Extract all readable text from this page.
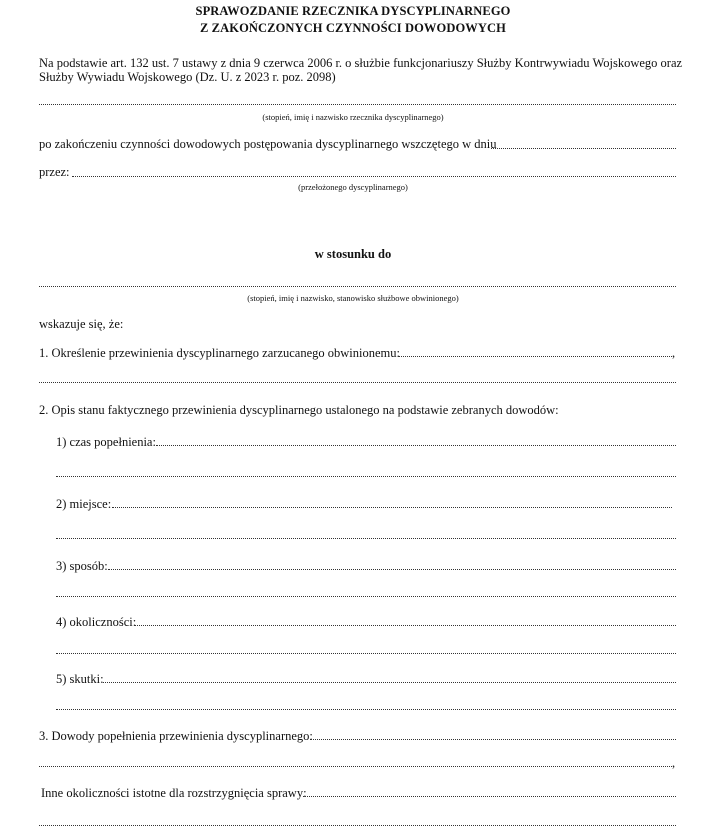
SPRAWOZDANIE RZECZNIKA DYSCYPLINARNEGO
Z ZAKOŃCZONYCH CZYNNOŚCI DOWODOWYCH
Na podstawie art. 132 ust. 7 ustawy z dnia 9 czerwca 2006 r. o służbie funkcjonariuszy Służby Kontrwywiadu Wojskowego oraz
Służby Wywiadu Wojskowego (Dz. U. z 2023 r. poz. 2098)
(stopień, imię i nazwisko rzecznika dyscyplinarnego)
po zakończeniu czynności dowodowych postępowania dyscyplinarnego wszczętego w dniu
przez:
(przełożonego dyscyplinarnego)
w stosunku do
(stopień, imię i nazwisko, stanowisko służbowe obwinionego)
wskazuje się, że:
1. Określenie przewinienia dyscyplinarnego zarzucanego obwinionemu:	,
2. Opis stanu faktycznego przewinienia dyscyplinarnego ustalonego na podstawie zebranych dowodów:
1) czas popełnienia:
2) miejsce:
3) sposób:
4) okoliczności:
5) skutki:
3. Dowody popełnienia przewinienia dyscyplinarnego:
,
Inne okoliczności istotne dla rozstrzygnięcia sprawy:
